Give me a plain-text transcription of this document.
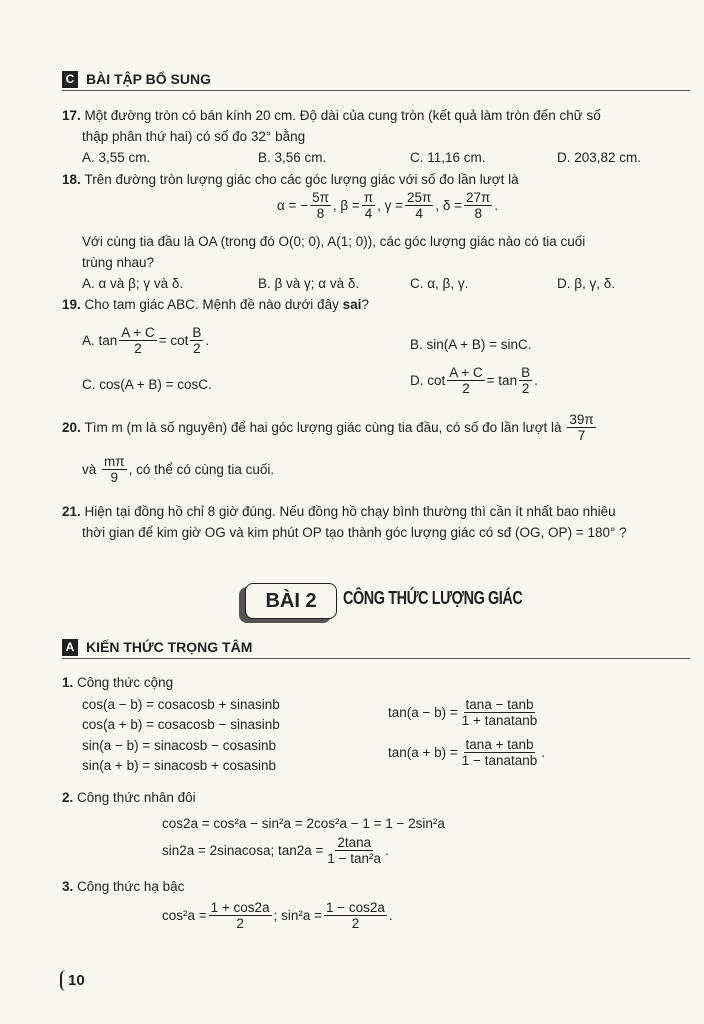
C BÀI TẬP BỔ SUNG
17.
Một đường tròn có bán kính 20 cm. Độ dài của cung tròn (kết quả làm tròn đến chữ số
thập phân thứ hai) có số đo 32° bằng
A. 3,55 cm.	B. 3,56 cm.	C. 11,16 cm.	D. 203,82 cm.
18.
Trên đường tròn lượng giác cho các góc lượng giác với số đo lần lượt là
α = − $\frac{5\pi}{8}$ , $\beta = \frac{\pi}{4}$ , $\gamma = \frac{25\pi}{4}$ , $\delta = \frac{27\pi}{8}$ .
Với cùng tia đầu là OA (trong đó O(0; 0), A(1; 0)), các góc lượng giác nào có tia cuối
trùng nhau?
A. α và β; γ và δ.	B. β và γ; α và δ.	C. α, β, γ.	D. β, γ, δ.
19.
Cho tam giác ABC. Mệnh đề nào dưới đây
sai ?
A. $\tan \frac{A + C}{2} = \cot \frac{B}{2}$ .	B. sin(A + B) = sinC.
C. cos(A + B) = cosC.	D. $\cot \frac{A + C}{2} = \tan \frac{B}{2}$ .
20.
Tìm m (m là số nguyên) để hai góc lượng giác cùng tia đầu, có số đo lần lượt là
$\frac{39\pi}{7}$
và
$\frac{m\pi}{9}$ , có thể có cùng tia cuối.
21.
Hiện tại đồng hồ chỉ 8 giờ đúng. Nếu đồng hồ chạy bình thường thì cần ít nhất bao nhiêu
thời gian để kim giờ OG và kim phút OP tạo thành góc lượng giác có sđ (OG, OP) = 180° ?
BÀI 2	CÔNG THỨC LƯỢNG GIÁC
A KIẾN THỨC TRỌNG TÂM
1.
Công thức cộng
cos(a − b) = cosacosb + sinasinb
cos(a + b) = cosacosb − sinasinb
sin(a − b) = sinacosb − cosasinb
sin(a + b) = sinacosb + cosasinb
$\tan(a - b) = \frac{\tan a - \tan b}{\text{1 + tanatanb}}$
$\tan(a + b) = \frac{\tan a + \tan b}{\text{1 − tanatanb}}$ .
2.
Công thức nhân đôi
cos2a = cos²a − sin²a = 2cos²a − 1 = 1 − 2sin²a
sin2a = 2sinacosa; $\tan 2a = \frac{2\tan a}{\text{1 − tan²a}}$ .
3.
Công thức hạ bậc
$\cos^2a = \frac{1 + \cos 2a}{2}$ ; $\sin^2a = \frac{1 - \cos 2a}{2}$ .
10
